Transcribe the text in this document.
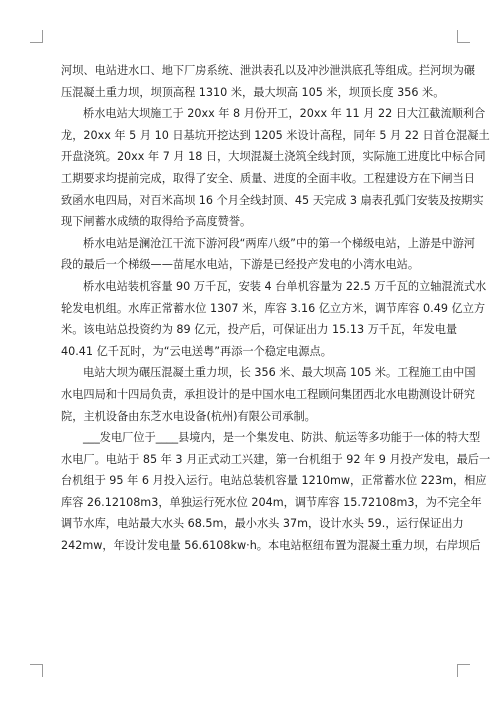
河坝、电站进水口、地下厂房系统、泄洪表孔以及冲沙泄洪底孔等组成。拦河坝为碾
压混凝土重力坝，坝顶高程 1310 米，最大坝高 105 米，坝顶长度 356 米。

桥水电站大坝施工于 20xx 年 8 月份开工，20xx 年 11 月 22 日大江截流顺利合
龙，20xx 年 5 月 10 日基坑开挖达到 1205 米设计高程，同年 5 月 22 日首仓混凝土
开盘浇筑。20xx 年 7 月 18 日，大坝混凝土浇筑全线封顶，实际施工进度比中标合同
工期要求均提前完成，取得了安全、质量、进度的全面丰收。工程建设方在下闸当日
致函水电四局，对百米高坝 16 个月全线封顶、45 天完成 3 扇表孔弧门安装及按期实
现下闸蓄水成绩的取得给予高度赞誉。

桥水电站是澜沧江干流下游河段“两库八级”中的第一个梯级电站，上游是中游河
段的最后一个梯级——苗尾水电站，下游是已经投产发电的小湾水电站。

桥水电站装机容量 90 万千瓦，安装 4 台单机容量为 22.5 万千瓦的立轴混流式水
轮发电机组。水库正常蓄水位 1307 米，库容 3.16 亿立方米，调节库容 0.49 亿立方
米。该电站总投资约为 89 亿元，投产后，可保证出力 15.13 万千瓦，年发电量
40.41 亿千瓦时，为“云电送粤”再添一个稳定电源点。

电站大坝为碾压混凝土重力坝，长 356 米、最大坝高 105 米。工程施工由中国
水电四局和十四局负责，承担设计的是中国水电工程顾问集团西北水电勘测设计研究
院，主机设备由东芝水电设备(杭州)有限公司承制。

___发电厂位于____县境内，是一个集发电、防洪、航运等多功能于一体的特大型
水电厂。电站于 85 年 3 月正式动工兴建，第一台机组于 92 年 9 月投产发电，最后一
台机组于 95 年 6 月投入运行。电站总装机容量 1210mw，正常蓄水位 223m，相应
库容 26.12108m3，单独运行死水位 204m，调节库容 15.72108m3，为不完全年
调节水库，电站最大水头 68.5m，最小水头 37m，设计水头 59.，运行保证出力
242mw，年设计发电量 56.6108kw·h。本电站枢纽布置为混凝土重力坝，右岸坝后
